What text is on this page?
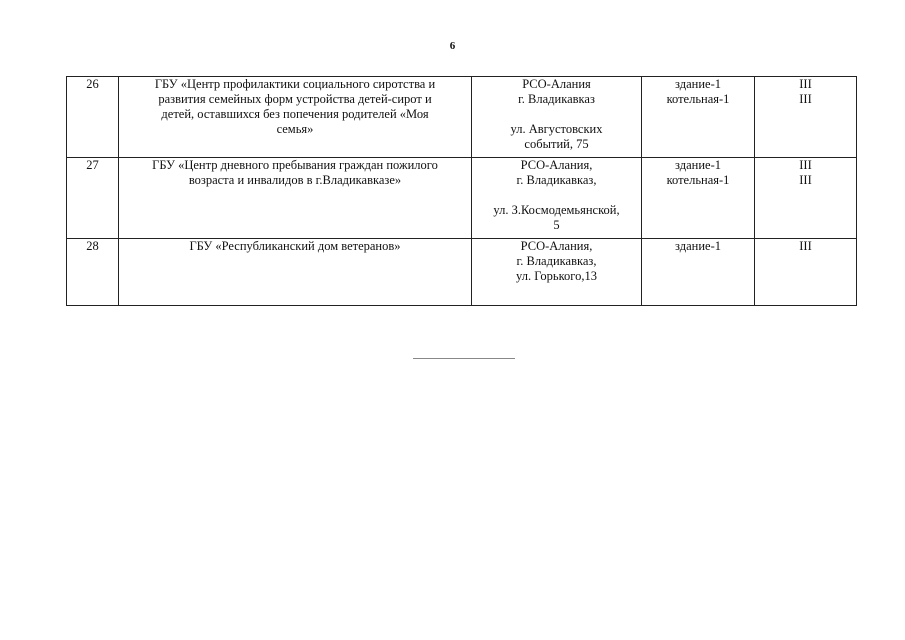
6
26	ГБУ «Центр профилактики социального сиротства и
развития семейных форм устройства детей-сирот и
детей, оставшихся без попечения родителей «Моя
семья»	РСО-Алания
г. Владикавказ
ул. Августовских
событий, 75	здание-1
котельная-1	III
III

27	ГБУ «Центр дневного пребывания граждан пожилого
возраста и инвалидов в г.Владикавказе»	РСО-Алания,
г. Владикавказ,
ул. З.Космодемьянской,
5	здание-1
котельная-1	III
III

28	ГБУ «Республиканский дом ветеранов»	РСО-Алания,
г. Владикавказ,
ул. Горького,13	здание-1	III
